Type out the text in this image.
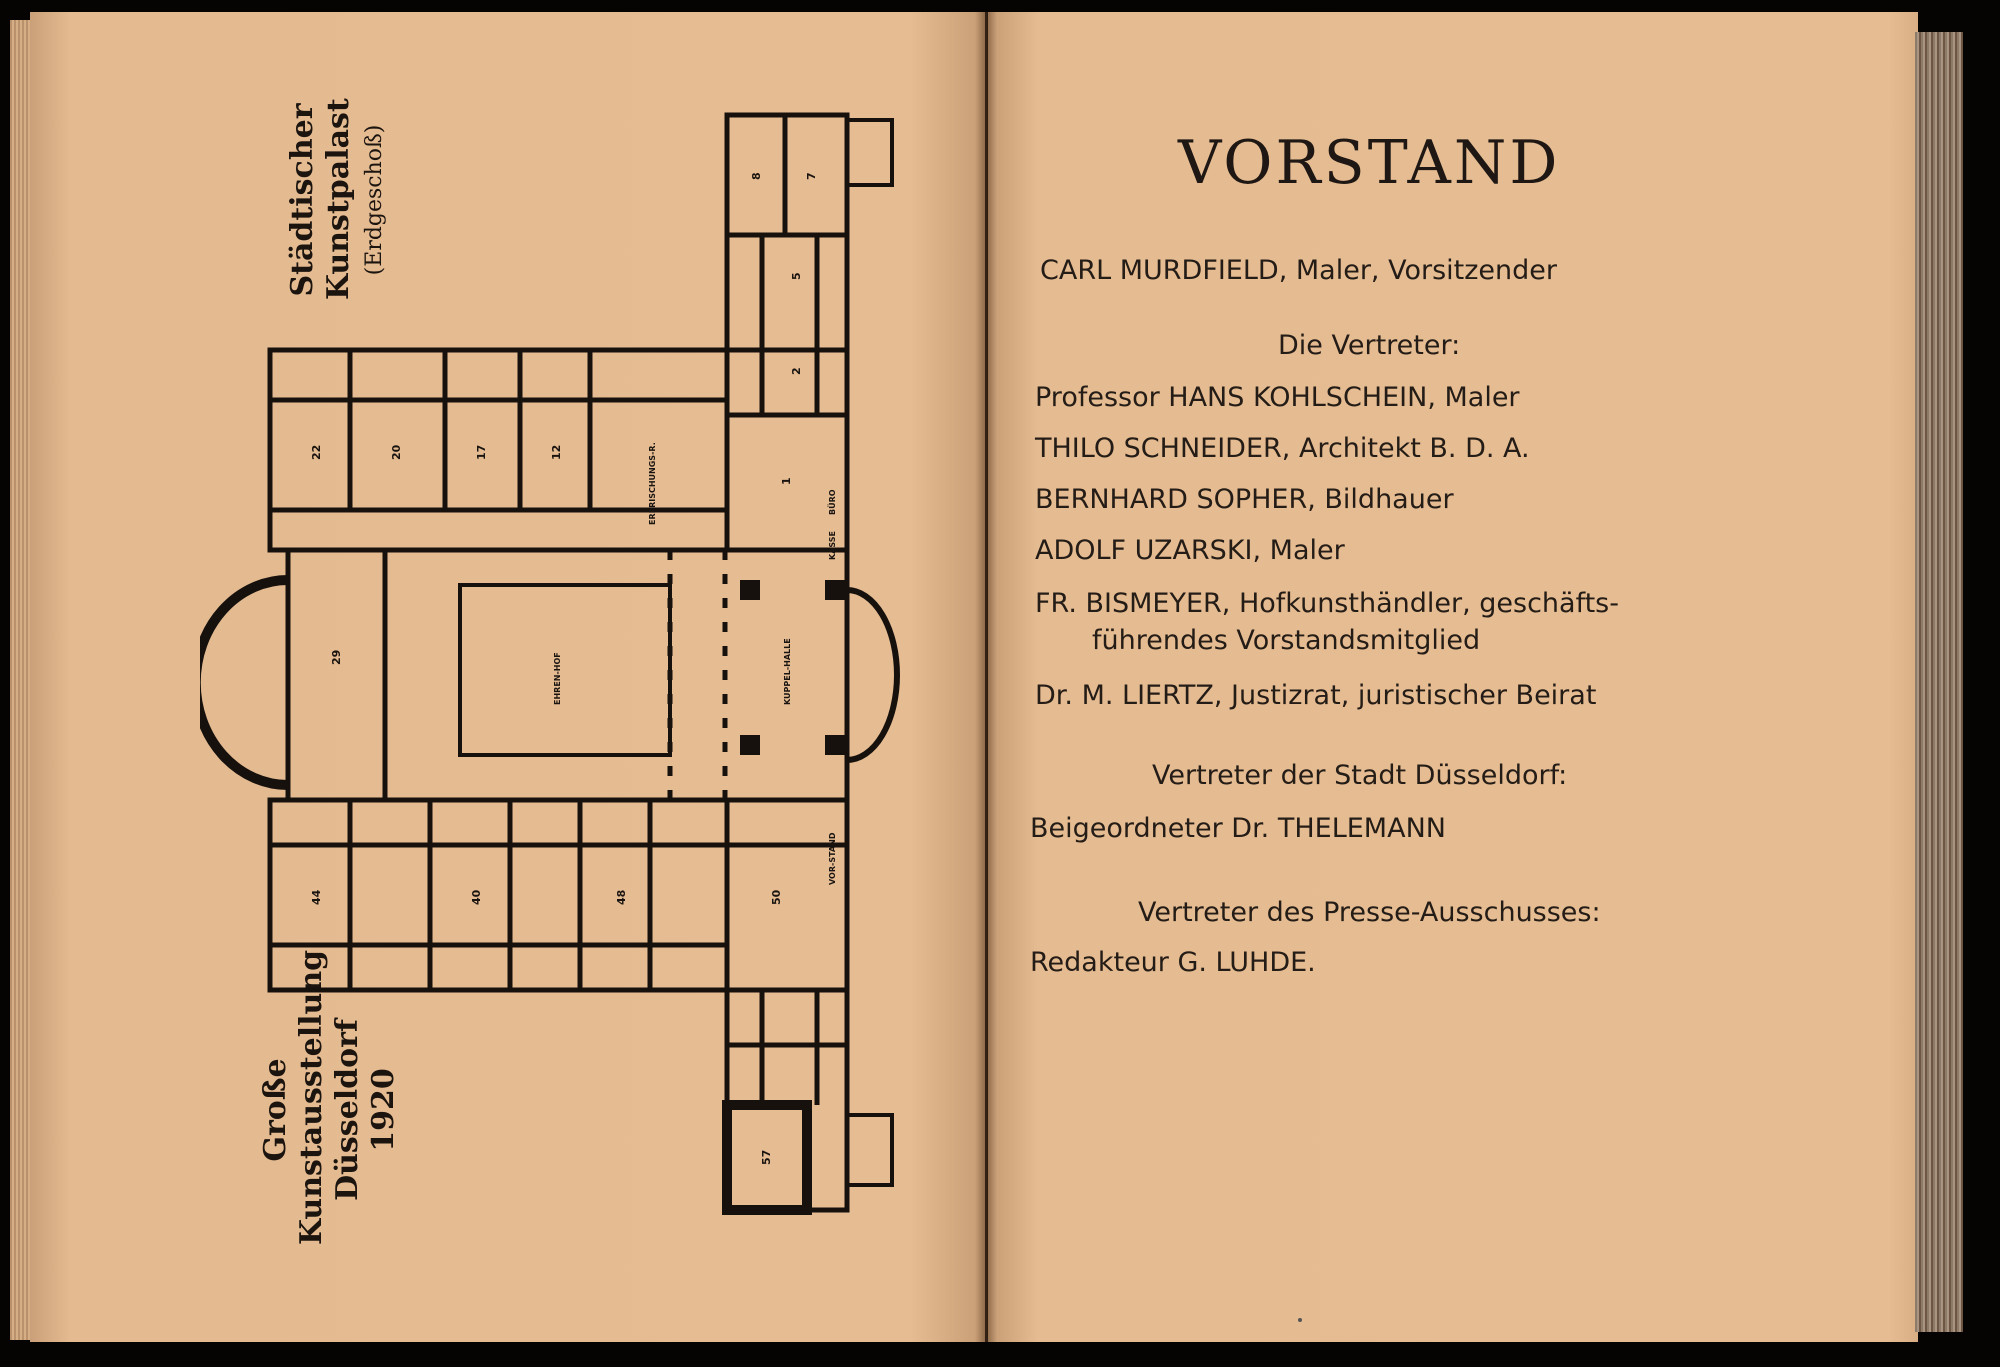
Städtischer Kunstpalast (Erdgeschoß)
Große Kunstausstellung Düsseldorf 1920
8	7
5
2
1
22	20	17	12
29
44	40	48	50
57
EHREN-HOF	KUPPEL-HALLE
ERFRISCHUNGS-R.	BÜRO
KASSE
VOR-STAND
VORSTAND
CARL MURDFIELD, Maler, Vorsitzender
Die Vertreter:
Professor HANS KOHLSCHEIN, Maler
THILO SCHNEIDER, Architekt B. D. A.
BERNHARD SOPHER, Bildhauer
ADOLF UZARSKI, Maler
FR. BISMEYER, Hofkunsthändler, geschäfts-
führendes Vorstandsmitglied
Dr. M. LIERTZ, Justizrat, juristischer Beirat
Vertreter der Stadt Düsseldorf:
Beigeordneter Dr. THELEMANN
Vertreter des Presse-Ausschusses:
Redakteur G. LUHDE.
